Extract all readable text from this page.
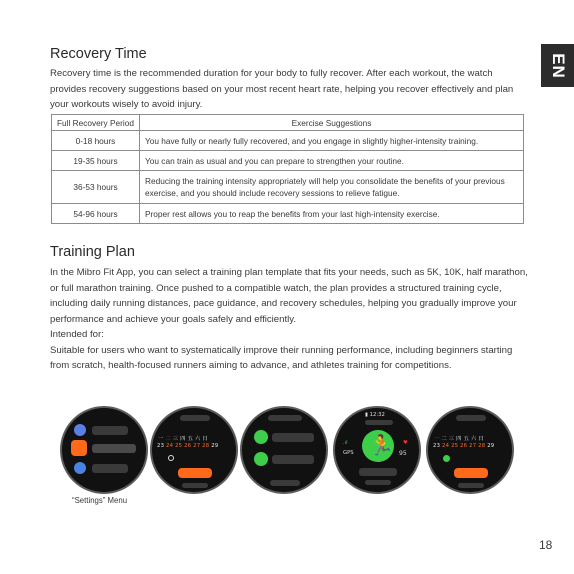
EN
Recovery Time
Recovery time is the recommended duration for your body to fully recover. After each workout, the watch provides recovery suggestions based on your most recent heart rate, helping you recover effectively and plan your workouts wisely to avoid injury.
Full Recovery Period	Exercise Suggestions
0-18 hours	You have fully or nearly fully recovered, and you engage in slightly higher-intensity training.
19-35 hours	You can train as usual and you can prepare to strengthen your routine.
36-53 hours	Reducing the training intensity appropriately will help you consolidate the benefits of your previous exercise, and you should include recovery sessions to relieve fatigue.
54-96 hours	Proper rest allows you to reap the benefits from your last high-intensity exercise.
Training Plan
In the Mibro Fit App, you can select a training plan template that fits your needs, such as 5K, 10K, half marathon, or full marathon training. Once pushed to a compatible watch, the plan provides a structured training cycle, including daily running distances, pace guidance, and recovery schedules, helping you gradually improve your performance and achieve your goals safely and efficiently.
Intended for:
Suitable for users who want to systematically improve their running performance, including beginners starting from scratch, health-focused runners aiming to advance, and athletes training for competitions.
一 二 三 四 五 六 日
23 24 25 26 27 28 29
▮ 12:32
🏃
.ıl
GPS
♥
95
一 二 三 四 五 六 日
23 24 25 26 27 28 29
“Settings” Menu
18
